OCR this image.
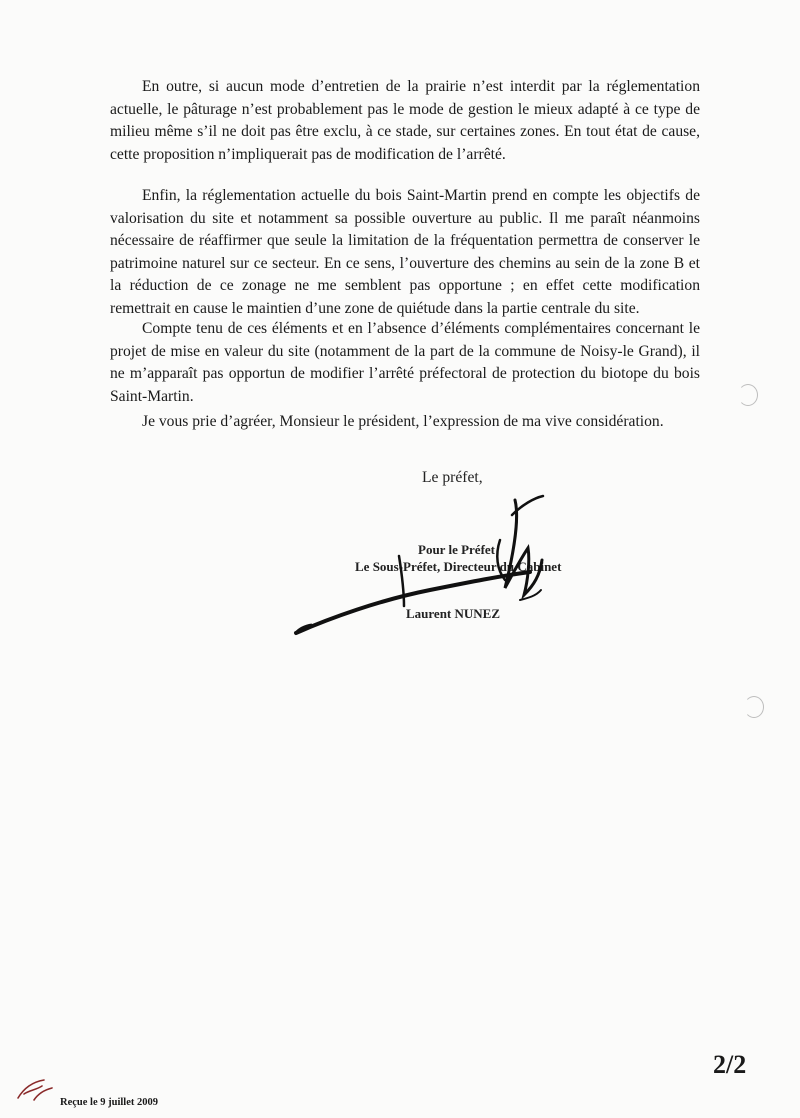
En outre, si aucun mode d’entretien de la prairie n’est interdit par la réglementation actuelle, le pâturage n’est probablement pas le mode de gestion le mieux adapté à ce type de milieu même s’il ne doit pas être exclu, à ce stade, sur certaines zones. En tout état de cause, cette proposition n’impliquerait pas de modification de l’arrêté.

Enfin, la réglementation actuelle du bois Saint-Martin prend en compte les objectifs de valorisation du site et notamment sa possible ouverture au public. Il me paraît néanmoins nécessaire de réaffirmer que seule la limitation de la fréquentation permettra de conserver le patrimoine naturel sur ce secteur. En ce sens, l’ouverture des chemins au sein de la zone B et la réduction de ce zonage ne me semblent pas opportune ; en effet cette modification remettrait en cause le maintien d’une zone de quiétude dans la partie centrale du site.

Compte tenu de ces éléments et en l’absence d’éléments complémentaires concernant le projet de mise en valeur du site (notamment de la part de la commune de Noisy-le Grand), il ne m’apparaît pas opportun de modifier l’arrêté préfectoral de protection du biotope du bois Saint-Martin.

Je vous prie d’agréer, Monsieur le président, l’expression de ma vive considération.

Le préfet,
Pour le Préfet
Le Sous-Préfet, Directeur du Cabinet
Laurent NUNEZ

2/2

Reçue le 9 juillet 2009
